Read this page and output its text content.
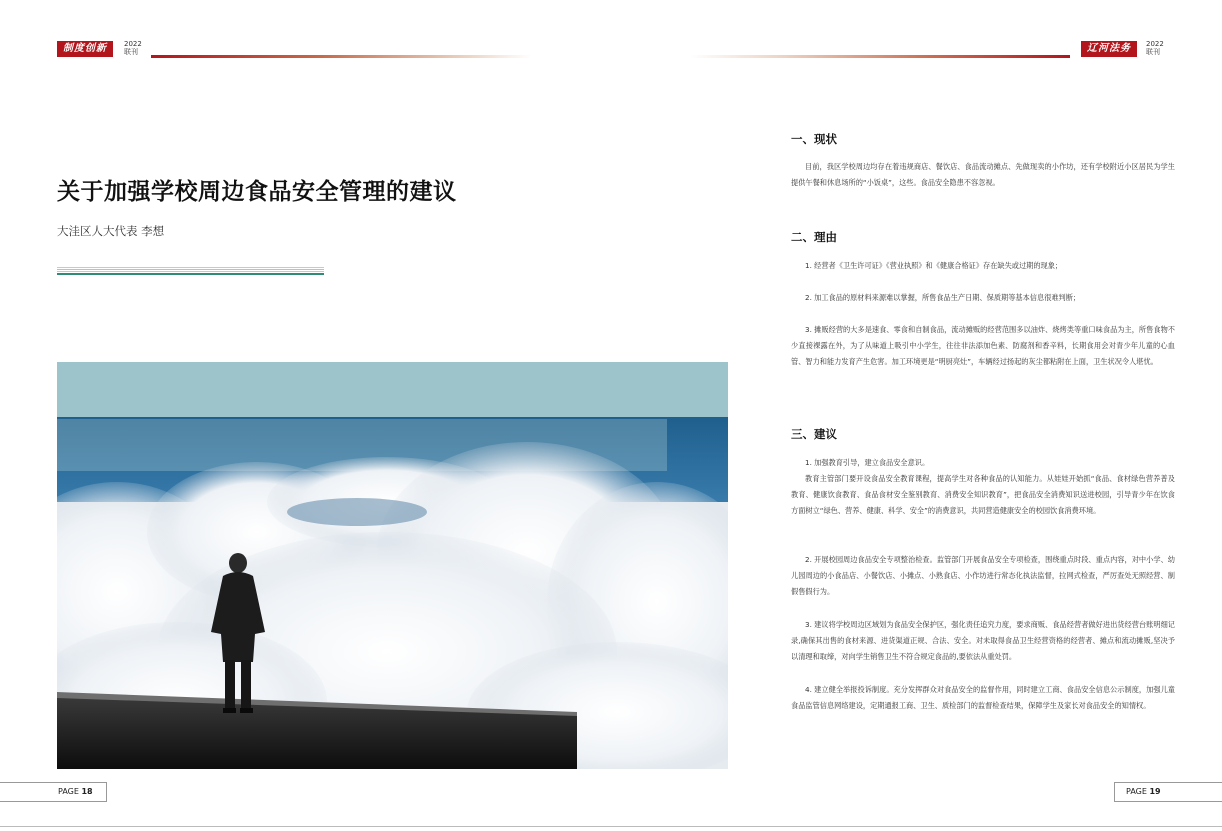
制度创新	2022
联刊
关于加强学校周边食品安全管理的建议
大洼区人大代表 李想
PAGE 18
辽河法务	2022
联刊
PAGE 19
一、现状

目前，我区学校周边均存在着违规商店、餐饮店、食品流动摊点、先做现卖的小作坊，还有学校附近小区居民为学生提供午餐和休息场所的“小饭桌”，这些。食品安全隐患不容忽视。

二、理由

1. 经营者《卫生许可证》《营业执照》和《健康合格证》存在缺失或过期的现象；

2. 加工食品的原材料来源难以掌握，所售食品生产日期、保质期等基本信息很难判断；

3. 摊贩经营的大多是速食、零食和自制食品，流动摊贩的经营范围多以油炸、烧烤类等重口味食品为主，所售食物不少直接裸露在外，为了从味道上吸引中小学生，往往非法添加色素、防腐剂和香辛料，长期食用会对青少年儿童的心血管、智力和能力发育产生危害。加工环境更是“明厨亮灶”，车辆经过扬起的灰尘都粘附在上面，卫生状况令人堪忧。

三、建议

1. 加强教育引导，建立食品安全意识。

教育主管部门要开设食品安全教育课程，提高学生对各种食品的认知能力。从娃娃开始抓“食品、食材绿色营养普及教育、健康饮食教育、食品食材安全鉴别教育、消费安全知识教育”，把食品安全消费知识送进校园，引导青少年在饮食方面树立“绿色、营养、健康、科学、安全”的消费意识，共同营造健康安全的校园饮食消费环境。

2. 开展校园周边食品安全专项整治检查。监管部门开展食品安全专项检查，围绕重点时段、重点内容，对中小学、幼儿园周边的小食品店、小餐饮店、小摊点、小熟食店、小作坊进行常态化执法监督，拉网式检查，严厉查处无照经营、制假售假行为。

3. 建议将学校周边区域划为食品安全保护区，强化责任追究力度，要求商贩、食品经营者做好进出货经营台账明细记录,确保其出售的食材来源、进货渠道正规、合法、安全。对未取得食品卫生经营资格的经营者、摊点和流动摊贩,坚决予以清理和取缔，对向学生销售卫生不符合规定食品的,要依法从重处罚。

4. 建立健全举报投诉制度。充分发挥群众对食品安全的监督作用，同时建立工商、食品安全信息公示制度，加强儿童食品监管信息网络建设，定期通报工商、卫生、质检部门的监督检查结果，保障学生及家长对食品安全的知情权。
